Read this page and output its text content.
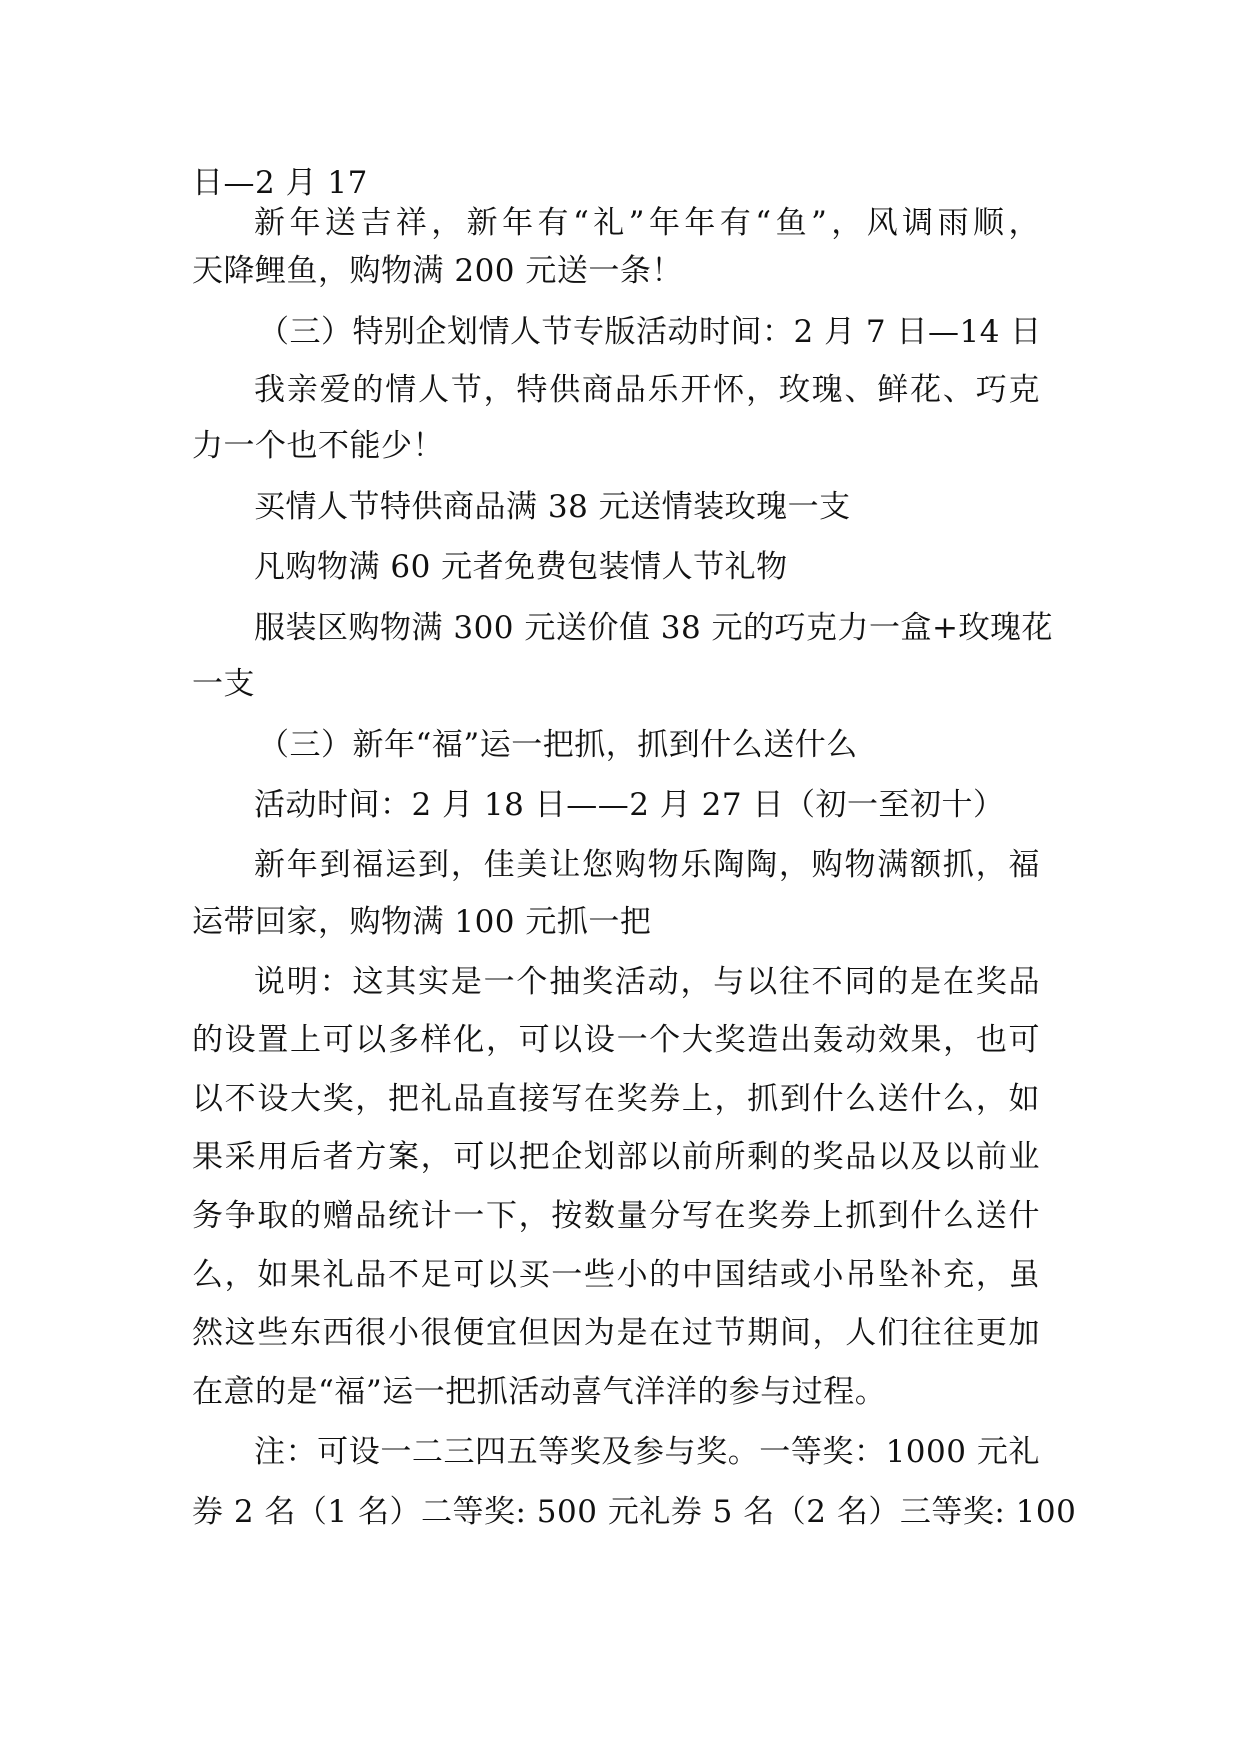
日—2 月 17
新年送吉祥，新年有“礼”年年有“鱼”，风调雨顺，
天降鲤鱼，购物满 200 元送一条！
（三）特别企划情人节专版活动时间：2 月 7 日—14 日
我亲爱的情人节，特供商品乐开怀，玫瑰、鲜花、巧克
力一个也不能少！
买情人节特供商品满 38 元送情装玫瑰一支
凡购物满 60 元者免费包装情人节礼物
服装区购物满 300 元送价值 38 元的巧克力一盒+玫瑰花
一支
（三）新年“福”运一把抓，抓到什么送什么
活动时间：2 月 18 日——2 月 27 日（初一至初十）
新年到福运到，佳美让您购物乐陶陶，购物满额抓，福
运带回家，购物满 100 元抓一把
说明：这其实是一个抽奖活动，与以往不同的是在奖品
的设置上可以多样化，可以设一个大奖造出轰动效果，也可
以不设大奖，把礼品直接写在奖券上，抓到什么送什么，如
果采用后者方案，可以把企划部以前所剩的奖品以及以前业
务争取的赠品统计一下，按数量分写在奖券上抓到什么送什
么，如果礼品不足可以买一些小的中国结或小吊坠补充，虽
然这些东西很小很便宜但因为是在过节期间，人们往往更加
在意的是“福”运一把抓活动喜气洋洋的参与过程。
注：可设一二三四五等奖及参与奖。一等奖：1000 元礼
券 2 名（1 名）二等奖: 500 元礼券 5 名（2 名）三等奖: 100
